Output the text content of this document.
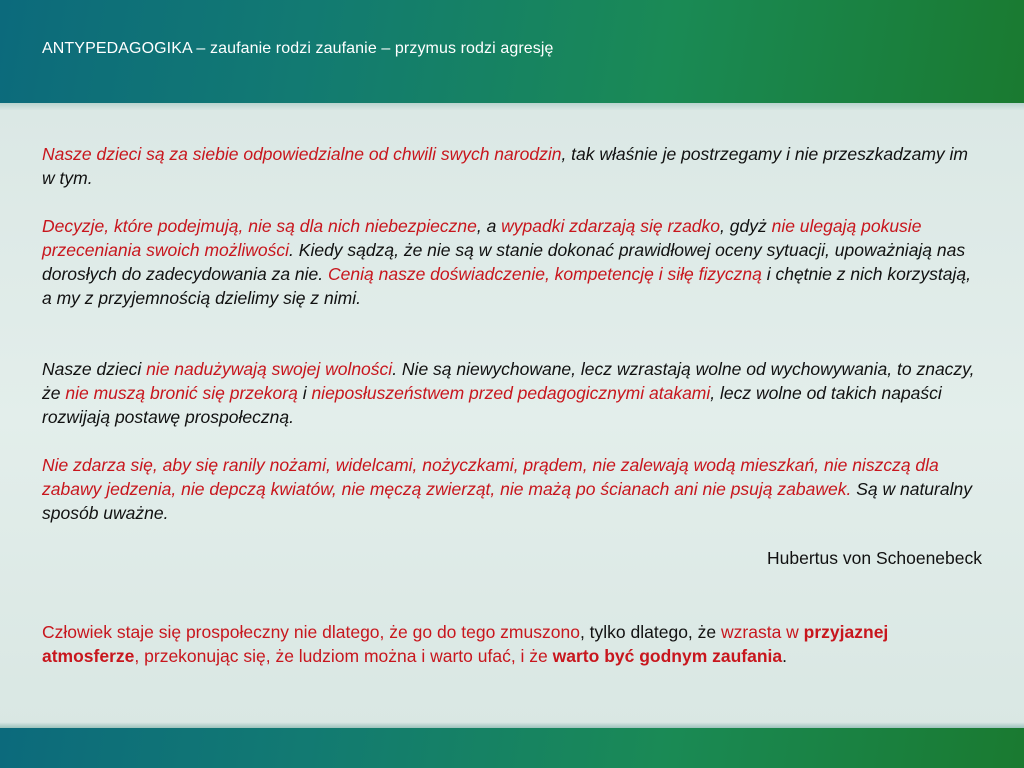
ANTYPEDAGOGIKA – zaufanie rodzi zaufanie – przymus rodzi agresję
Nasze dzieci są za siebie odpowiedzialne od chwili swych narodzin, tak właśnie je postrzegamy i nie przeszkadzamy im w tym.
Decyzje, które podejmują, nie są dla nich niebezpieczne, a wypadki zdarzają się rzadko, gdyż nie ulegają pokusie przeceniania swoich możliwości. Kiedy sądzą, że nie są w stanie dokonać prawidłowej oceny sytuacji, upoważniają nas dorosłych do zadecydowania za nie. Cenią nasze doświadczenie, kompetencję i siłę fizyczną i chętnie z nich korzystają, a my z przyjemnością dzielimy się z nimi.
Nasze dzieci nie nadużywają swojej wolności. Nie są niewychowane, lecz wzrastają wolne od wychowywania, to znaczy, że nie muszą bronić się przekorą i nieposłuszeństwem przed pedagogicznymi atakami, lecz wolne od takich napaści rozwijają postawę prospołeczną.
Nie zdarza się, aby się ranily nożami, widelcami, nożyczkami, prądem, nie zalewają wodą mieszkań, nie niszczą dla zabawy jedzenia, nie depczą kwiatów, nie męczą zwierząt, nie mażą po ścianach ani nie psują zabawek. Są w naturalny sposób uważne.
Hubertus von Schoenebeck
Człowiek staje się prospołeczny nie dlatego, że go do tego zmuszono, tylko dlatego, że wzrasta w przyjaznej atmosferze, przekonując się, że ludziom można i warto ufać, i że warto być godnym zaufania.
